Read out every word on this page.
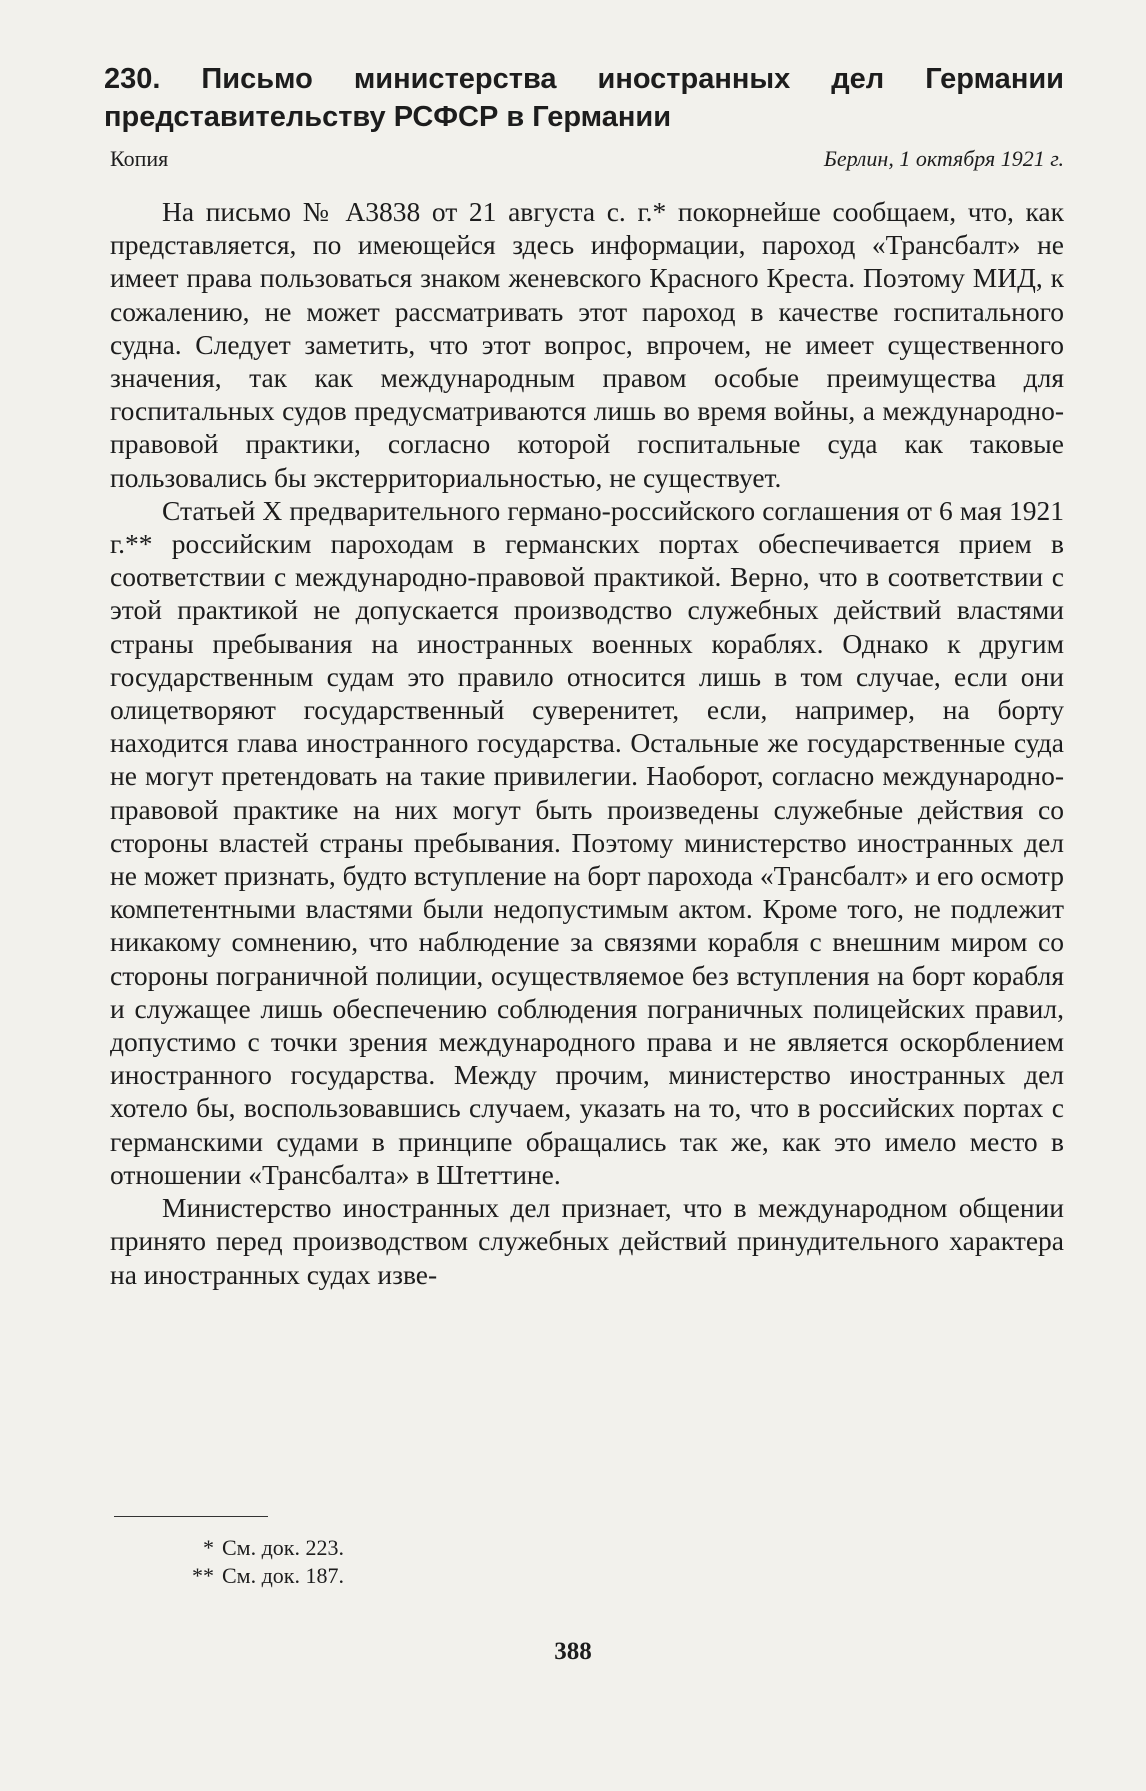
230. Письмо министерства иностранных дел Германии представительству РСФСР в Германии
Копия	Берлин, 1 октября 1921 г.

На письмо № А3838 от 21 августа с. г.* покорнейше сообщаем, что, как представляется, по имеющейся здесь информации, пароход «Трансбалт» не имеет права пользоваться знаком женевского Красного Креста. Поэтому МИД, к сожалению, не может рассматривать этот пароход в качестве госпитального судна. Следует заметить, что этот вопрос, впрочем, не имеет существенного значения, так как международным правом особые преимущества для госпитальных судов предусматриваются лишь во время войны, а международно-правовой практики, согласно которой госпитальные суда как таковые пользовались бы экстерриториальностью, не существует.

Статьей X предварительного германо-российского соглашения от 6 мая 1921 г.** российским пароходам в германских портах обеспечивается прием в соответствии с международно-правовой практикой. Верно, что в соответствии с этой практикой не допускается производство служебных действий властями страны пребывания на иностранных военных кораблях. Однако к другим государственным судам это правило относится лишь в том случае, если они олицетворяют государственный суверенитет, если, например, на борту находится глава иностранного государства. Остальные же государственные суда не могут претендовать на такие привилегии. Наоборот, согласно международно-правовой практике на них могут быть произведены служебные действия со стороны властей страны пребывания. Поэтому министерство иностранных дел не может признать, будто вступление на борт парохода «Трансбалт» и его осмотр компетентными властями были недопустимым актом. Кроме того, не подлежит никакому сомнению, что наблюдение за связями корабля с внешним миром со стороны пограничной полиции, осуществляемое без вступления на борт корабля и служащее лишь обеспечению соблюдения пограничных полицейских правил, допустимо с точки зрения международного права и не является оскорблением иностранного государства. Между прочим, министерство иностранных дел хотело бы, воспользовавшись случаем, указать на то, что в российских портах с германскими судами в принципе обращались так же, как это имело место в отношении «Трансбалта» в Штеттине.

Министерство иностранных дел признает, что в международном общении принято перед производством служебных действий принудительного характера на иностранных судах изве-

* См. док. 223.
** См. док. 187.
388
